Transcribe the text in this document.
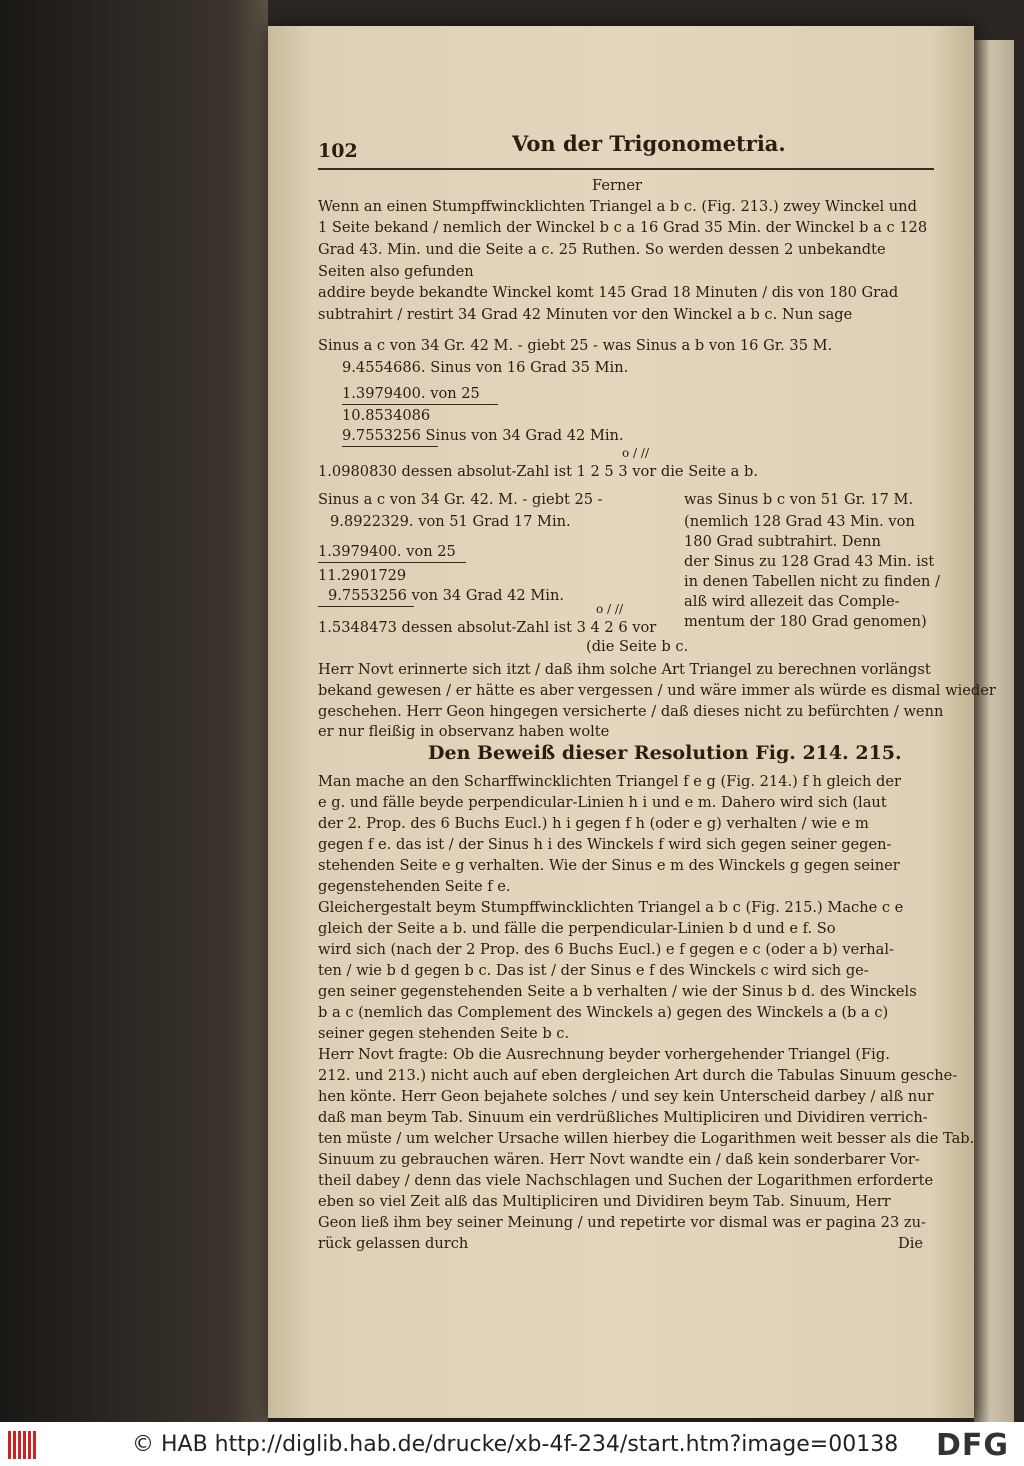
102	Von der Trigonometria.
Ferner
Wenn an einen Stumpffwincklichten Triangel a b c. (Fig. 213.) zwey Winckel und
1 Seite bekand / nemlich der Winckel b c a 16 Grad 35 Min. der Winckel b a c 128
Grad 43. Min. und die Seite a c. 25 Ruthen. So werden dessen 2 unbekandte
Seiten also gefunden
addire beyde bekandte Winckel komt 145 Grad 18 Minuten / dis von 180 Grad
subtrahirt / restirt 34 Grad 42 Minuten vor den Winckel a b c. Nun sage
Sinus a c von 34 Gr. 42 M. - giebt 25 - was Sinus a b von 16 Gr. 35 M.
9.4554686. Sinus von 16 Grad 35 Min.
1.3979400. von 25
10.8534086
9.7553256 Sinus von 34 Grad 42 Min.
o / //
1.0980830 dessen absolut-Zahl ist 1 2 5 3 vor die Seite a b.
Sinus a c von 34 Gr. 42. M. - giebt 25 -
9.8922329. von 51 Grad 17 Min.
1.3979400. von 25
11.2901729
9.7553256 von 34 Grad 42 Min.
o / //
1.5348473 dessen absolut-Zahl ist 3 4 2 6 vor
(die Seite b c.
was Sinus b c von 51 Gr. 17 M.
(nemlich 128 Grad 43 Min. von
180 Grad subtrahirt. Denn
der Sinus zu 128 Grad 43 Min. ist
in denen Tabellen nicht zu finden /
alß wird allezeit das Comple-
mentum der 180 Grad genomen)
Herr Novt erinnerte sich itzt / daß ihm solche Art Triangel zu berechnen vorlängst
bekand gewesen / er hätte es aber vergessen / und wäre immer als würde es dismal wieder
geschehen. Herr Geon hingegen versicherte / daß dieses nicht zu befürchten / wenn
er nur fleißig in observanz haben wolte
Den Beweiß dieser Resolution Fig. 214. 215.
Man mache an den Scharffwincklichten Triangel f e g (Fig. 214.) f h gleich der
e g. und fälle beyde perpendicular-Linien h i und e m. Dahero wird sich (laut
der 2. Prop. des 6 Buchs Eucl.) h i gegen f h (oder e g) verhalten / wie e m
gegen f e. das ist / der Sinus h i des Winckels f wird sich gegen seiner gegen-
stehenden Seite e g verhalten. Wie der Sinus e m des Winckels g gegen seiner
gegenstehenden Seite f e.
Gleichergestalt beym Stumpffwincklichten Triangel a b c (Fig. 215.) Mache c e
gleich der Seite a b. und fälle die perpendicular-Linien b d und e f. So
wird sich (nach der 2 Prop. des 6 Buchs Eucl.) e f gegen e c (oder a b) verhal-
ten / wie b d gegen b c. Das ist / der Sinus e f des Winckels c wird sich ge-
gen seiner gegenstehenden Seite a b verhalten / wie der Sinus b d. des Winckels
b a c (nemlich das Complement des Winckels a) gegen des Winckels a (b a c)
seiner gegen stehenden Seite b c.
Herr Novt fragte: Ob die Ausrechnung beyder vorhergehender Triangel (Fig.
212. und 213.) nicht auch auf eben dergleichen Art durch die Tabulas Sinuum gesche-
hen könte. Herr Geon bejahete solches / und sey kein Unterscheid darbey / alß nur
daß man beym Tab. Sinuum ein verdrüßliches Multipliciren und Dividiren verrich-
ten müste / um welcher Ursache willen hierbey die Logarithmen weit besser als die Tab.
Sinuum zu gebrauchen wären. Herr Novt wandte ein / daß kein sonderbarer Vor-
theil dabey / denn das viele Nachschlagen und Suchen der Logarithmen erforderte
eben so viel Zeit alß das Multipliciren und Dividiren beym Tab. Sinuum, Herr
Geon ließ ihm bey seiner Meinung / und repetirte vor dismal was er pagina 23 zu-
rück gelassen durch	Die
© HAB http://diglib.hab.de/drucke/xb-4f-234/start.htm?image=00138 DFG
